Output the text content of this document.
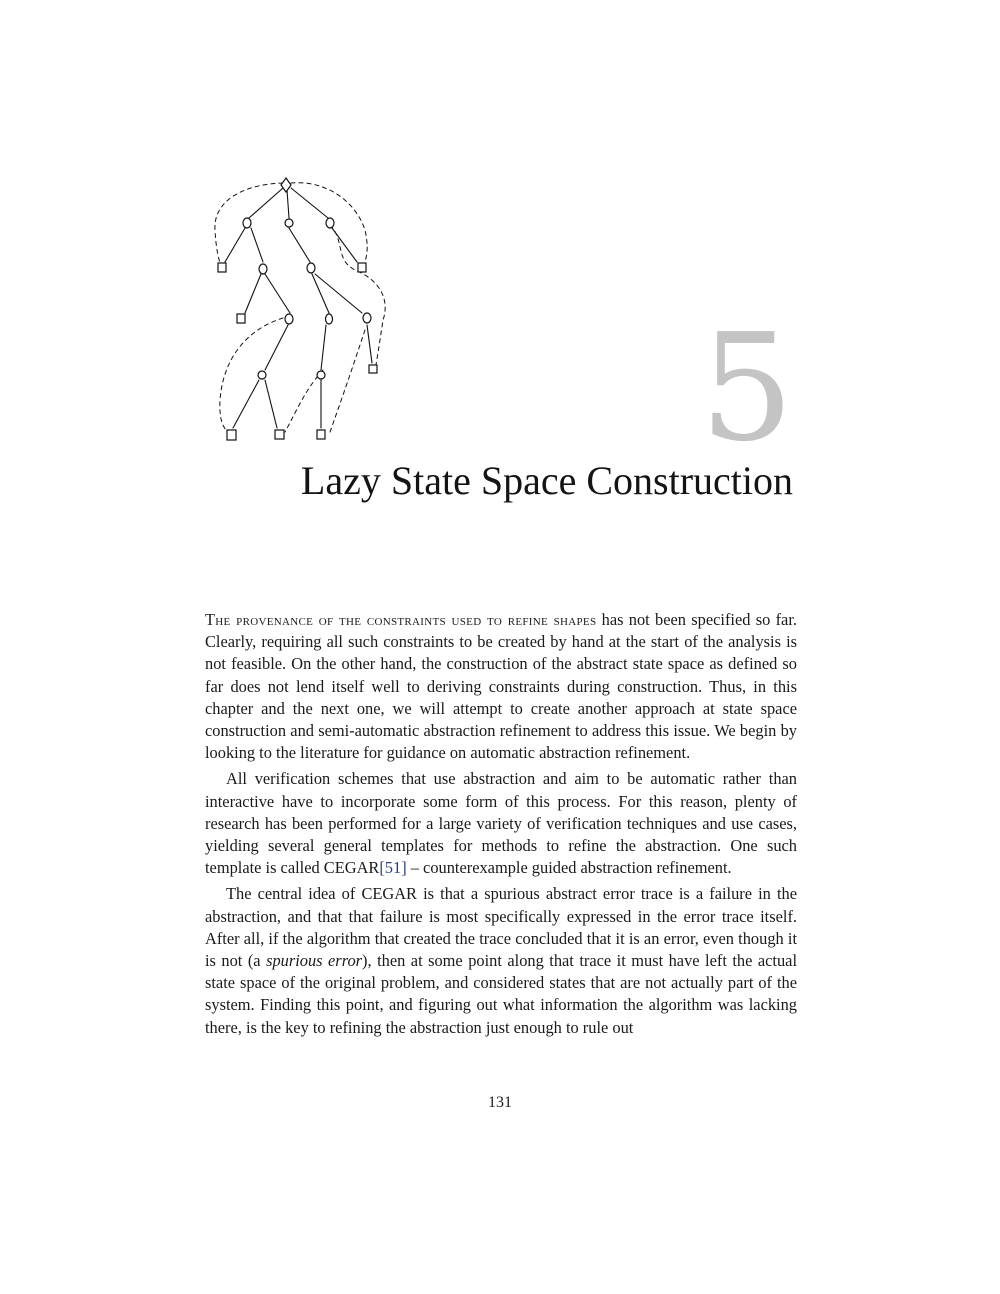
5
Lazy State Space Construction

The provenance of the constraints used to refine shapes has not been specified so far. Clearly, requiring all such constraints to be created by hand at the start of the analysis is not feasible. On the other hand, the construction of the abstract state space as defined so far does not lend itself well to deriving constraints during construction. Thus, in this chapter and the next one, we will attempt to create another approach at state space construction and semi-automatic abstraction refinement to address this issue. We begin by looking to the literature for guidance on automatic abstraction refinement.

All verification schemes that use abstraction and aim to be automatic rather than interactive have to incorporate some form of this process. For this reason, plenty of research has been performed for a large variety of verification techniques and use cases, yielding several general templates for methods to refine the abstraction. One such template is called CEGAR[51] – counterexample guided abstraction refinement.

The central idea of CEGAR is that a spurious abstract error trace is a failure in the abstraction, and that that failure is most specifically expressed in the error trace itself. After all, if the algorithm that created the trace concluded that it is an error, even though it is not (a spurious error), then at some point along that trace it must have left the actual state space of the original problem, and considered states that are not actually part of the system. Finding this point, and figuring out what information the algorithm was lacking there, is the key to refining the abstraction just enough to rule out

131
